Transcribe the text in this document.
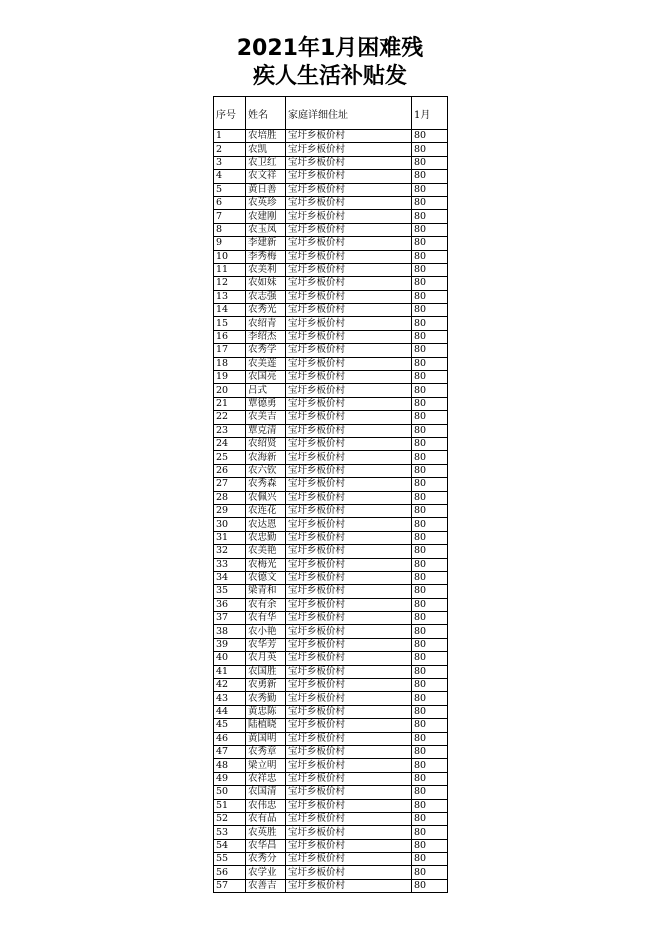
2021年1月困难残
疾人生活补贴发
序号	姓名	家庭详细住址	1月
1	农培胜	宝圩乡板价村	80
2	农凯	宝圩乡板价村	80
3	农卫红	宝圩乡板价村	80
4	农文祥	宝圩乡板价村	80
5	黄日善	宝圩乡板价村	80
6	农英珍	宝圩乡板价村	80
7	农建刚	宝圩乡板价村	80
8	农玉凤	宝圩乡板价村	80
9	李建新	宝圩乡板价村	80
10	李秀梅	宝圩乡板价村	80
11	农美利	宝圩乡板价村	80
12	农如妹	宝圩乡板价村	80
13	农志强	宝圩乡板价村	80
14	农秀光	宝圩乡板价村	80
15	农绍青	宝圩乡板价村	80
16	李绍杰	宝圩乡板价村	80
17	农秀学	宝圩乡板价村	80
18	农美莲	宝圩乡板价村	80
19	农国亮	宝圩乡板价村	80
20	吕式	宝圩乡板价村	80
21	覃德勇	宝圩乡板价村	80
22	农美吉	宝圩乡板价村	80
23	覃克清	宝圩乡板价村	80
24	农绍贤	宝圩乡板价村	80
25	农海新	宝圩乡板价村	80
26	农六钦	宝圩乡板价村	80
27	农秀森	宝圩乡板价村	80
28	农佩兴	宝圩乡板价村	80
29	农连花	宝圩乡板价村	80
30	农达恩	宝圩乡板价村	80
31	农忠勤	宝圩乡板价村	80
32	农美艳	宝圩乡板价村	80
33	农梅光	宝圩乡板价村	80
34	农德文	宝圩乡板价村	80
35	梁青和	宝圩乡板价村	80
36	农有余	宝圩乡板价村	80
37	农有华	宝圩乡板价村	80
38	农小艳	宝圩乡板价村	80
39	农华芳	宝圩乡板价村	80
40	农月英	宝圩乡板价村	80
41	农国胜	宝圩乡板价村	80
42	农勇新	宝圩乡板价村	80
43	农秀勤	宝圩乡板价村	80
44	黄忠陈	宝圩乡板价村	80
45	陆植晓	宝圩乡板价村	80
46	黄国明	宝圩乡板价村	80
47	农秀章	宝圩乡板价村	80
48	梁立明	宝圩乡板价村	80
49	农祥忠	宝圩乡板价村	80
50	农国清	宝圩乡板价村	80
51	农伟忠	宝圩乡板价村	80
52	农有品	宝圩乡板价村	80
53	农英胜	宝圩乡板价村	80
54	农华昌	宝圩乡板价村	80
55	农秀分	宝圩乡板价村	80
56	农学业	宝圩乡板价村	80
57	农善吉	宝圩乡板价村	80
